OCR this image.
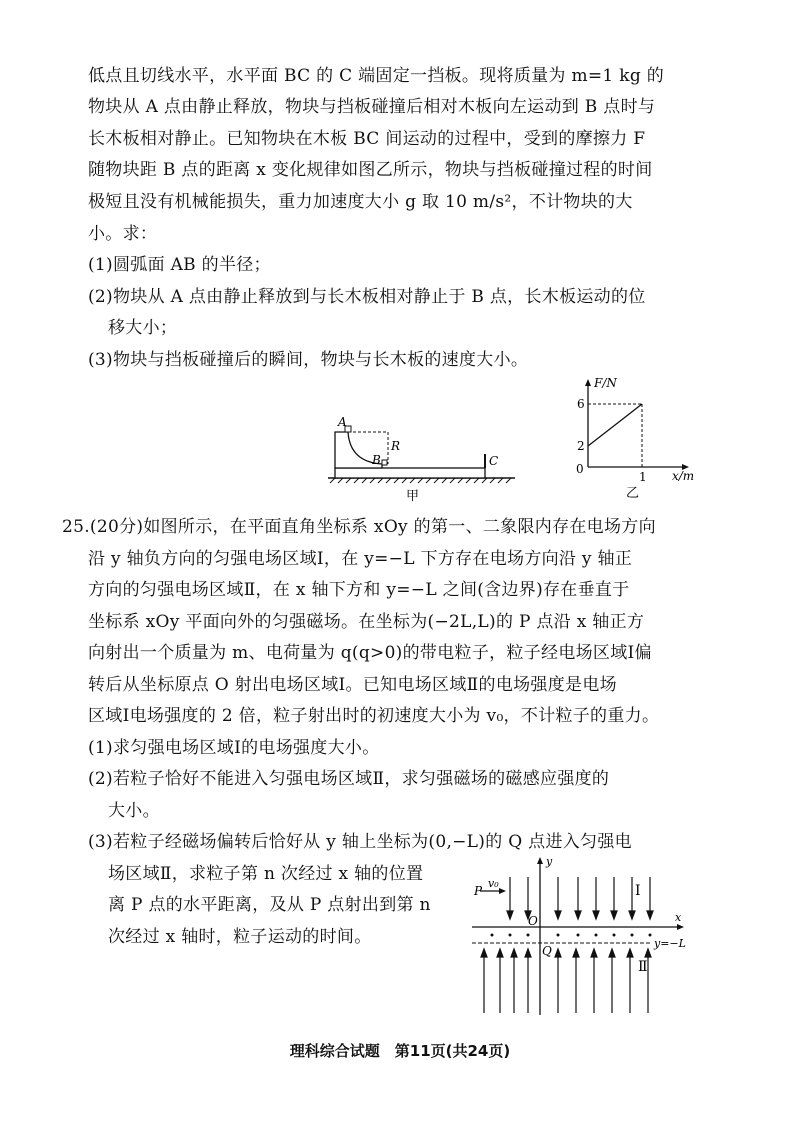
低点且切线水平，水平面 BC 的 C 端固定一挡板。现将质量为 m=1 kg 的
物块从 A 点由静止释放，物块与挡板碰撞后相对木板向左运动到 B 点时与
长木板相对静止。已知物块在木板 BC 间运动的过程中，受到的摩擦力 F
随物块距 B 点的距离 x 变化规律如图乙所示，物块与挡板碰撞过程的时间
极短且没有机械能损失，重力加速度大小 g 取 10 m/s²，不计物块的大
小。求：
(1)圆弧面 AB 的半径；
(2)物块从 A 点由静止释放到与长木板相对静止于 B 点，长木板运动的位
移大小；
(3)物块与挡板碰撞后的瞬间，物块与长木板的速度大小。
A
B
R
C
甲
F/N
x/m
6
2
0
1
乙
25.(20分)如图所示，在平面直角坐标系 xOy 的第一、二象限内存在电场方向
沿 y 轴负方向的匀强电场区域Ⅰ，在 y=−L 下方存在电场方向沿 y 轴正
方向的匀强电场区域Ⅱ，在 x 轴下方和 y=−L 之间(含边界)存在垂直于
坐标系 xOy 平面向外的匀强磁场。在坐标为(−2L,L)的 P 点沿 x 轴正方
向射出一个质量为 m、电荷量为 q(q>0)的带电粒子，粒子经电场区域Ⅰ偏
转后从坐标原点 O 射出电场区域Ⅰ。已知电场区域Ⅱ的电场强度是电场
区域Ⅰ电场强度的 2 倍，粒子射出时的初速度大小为 v₀，不计粒子的重力。
(1)求匀强电场区域Ⅰ的电场强度大小。
(2)若粒子恰好不能进入匀强电场区域Ⅱ，求匀强磁场的磁感应强度的
大小。
(3)若粒子经磁场偏转后恰好从 y 轴上坐标为(0,−L)的 Q 点进入匀强电
场区域Ⅱ，求粒子第 n 次经过 x 轴的位置
离 P 点的水平距离，及从 P 点射出到第 n
次经过 x 轴时，粒子运动的时间。
P
v₀
y
x
O
Q
Ⅰ
Ⅱ
y=−L
理科综合试题　第11页(共24页)
